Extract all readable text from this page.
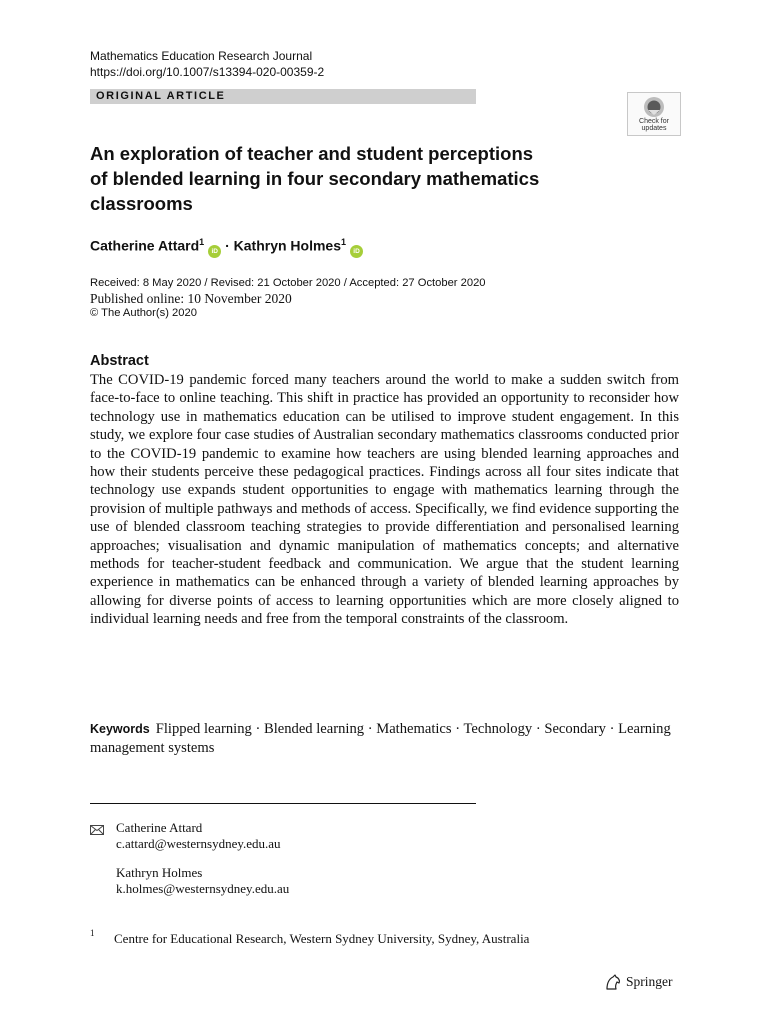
Mathematics Education Research Journal
https://doi.org/10.1007/s13394-020-00359-2
ORIGINAL ARTICLE
Check for
updates
An exploration of teacher and student perceptions
of blended learning in four secondary mathematics
classrooms
Catherine Attard$^1$iD · Kathryn Holmes$^1$iD
Received: 8 May 2020 / Revised: 21 October 2020 / Accepted: 27 October 2020
Published online: 10 November 2020
© The Author(s) 2020
Abstract
The COVID-19 pandemic forced many teachers around the world to make a sudden switch from face-to-face to online teaching. This shift in practice has provided an opportunity to reconsider how technology use in mathematics education can be utilised to improve student engagement. In this study, we explore four case studies of Australian secondary mathematics classrooms conducted prior to the COVID-19 pandemic to examine how teachers are using blended learning approaches and how their students perceive these pedagogical practices. Findings across all four sites indicate that technology use expands student opportunities to engage with mathematics learning through the provision of multiple pathways and methods of access. Specifically, we find evidence supporting the use of blended classroom teaching strategies to provide differentiation and personalised learning approaches; visualisation and dynamic manipulation of mathematics concepts; and alternative methods for teacher-student feedback and communication. We argue that the student learning experience in mathematics can be enhanced through a variety of blended learning approaches by allowing for diverse points of access to learning opportunities which are more closely aligned to individual learning needs and free from the temporal constraints of the classroom.
Keywords Flipped learning · Blended learning · Mathematics · Technology · Secondary · Learning management systems
Catherine Attard
c.attard@westernsydney.edu.au
Kathryn Holmes
k.holmes@westernsydney.edu.au
1 Centre for Educational Research, Western Sydney University, Sydney, Australia
Springer
